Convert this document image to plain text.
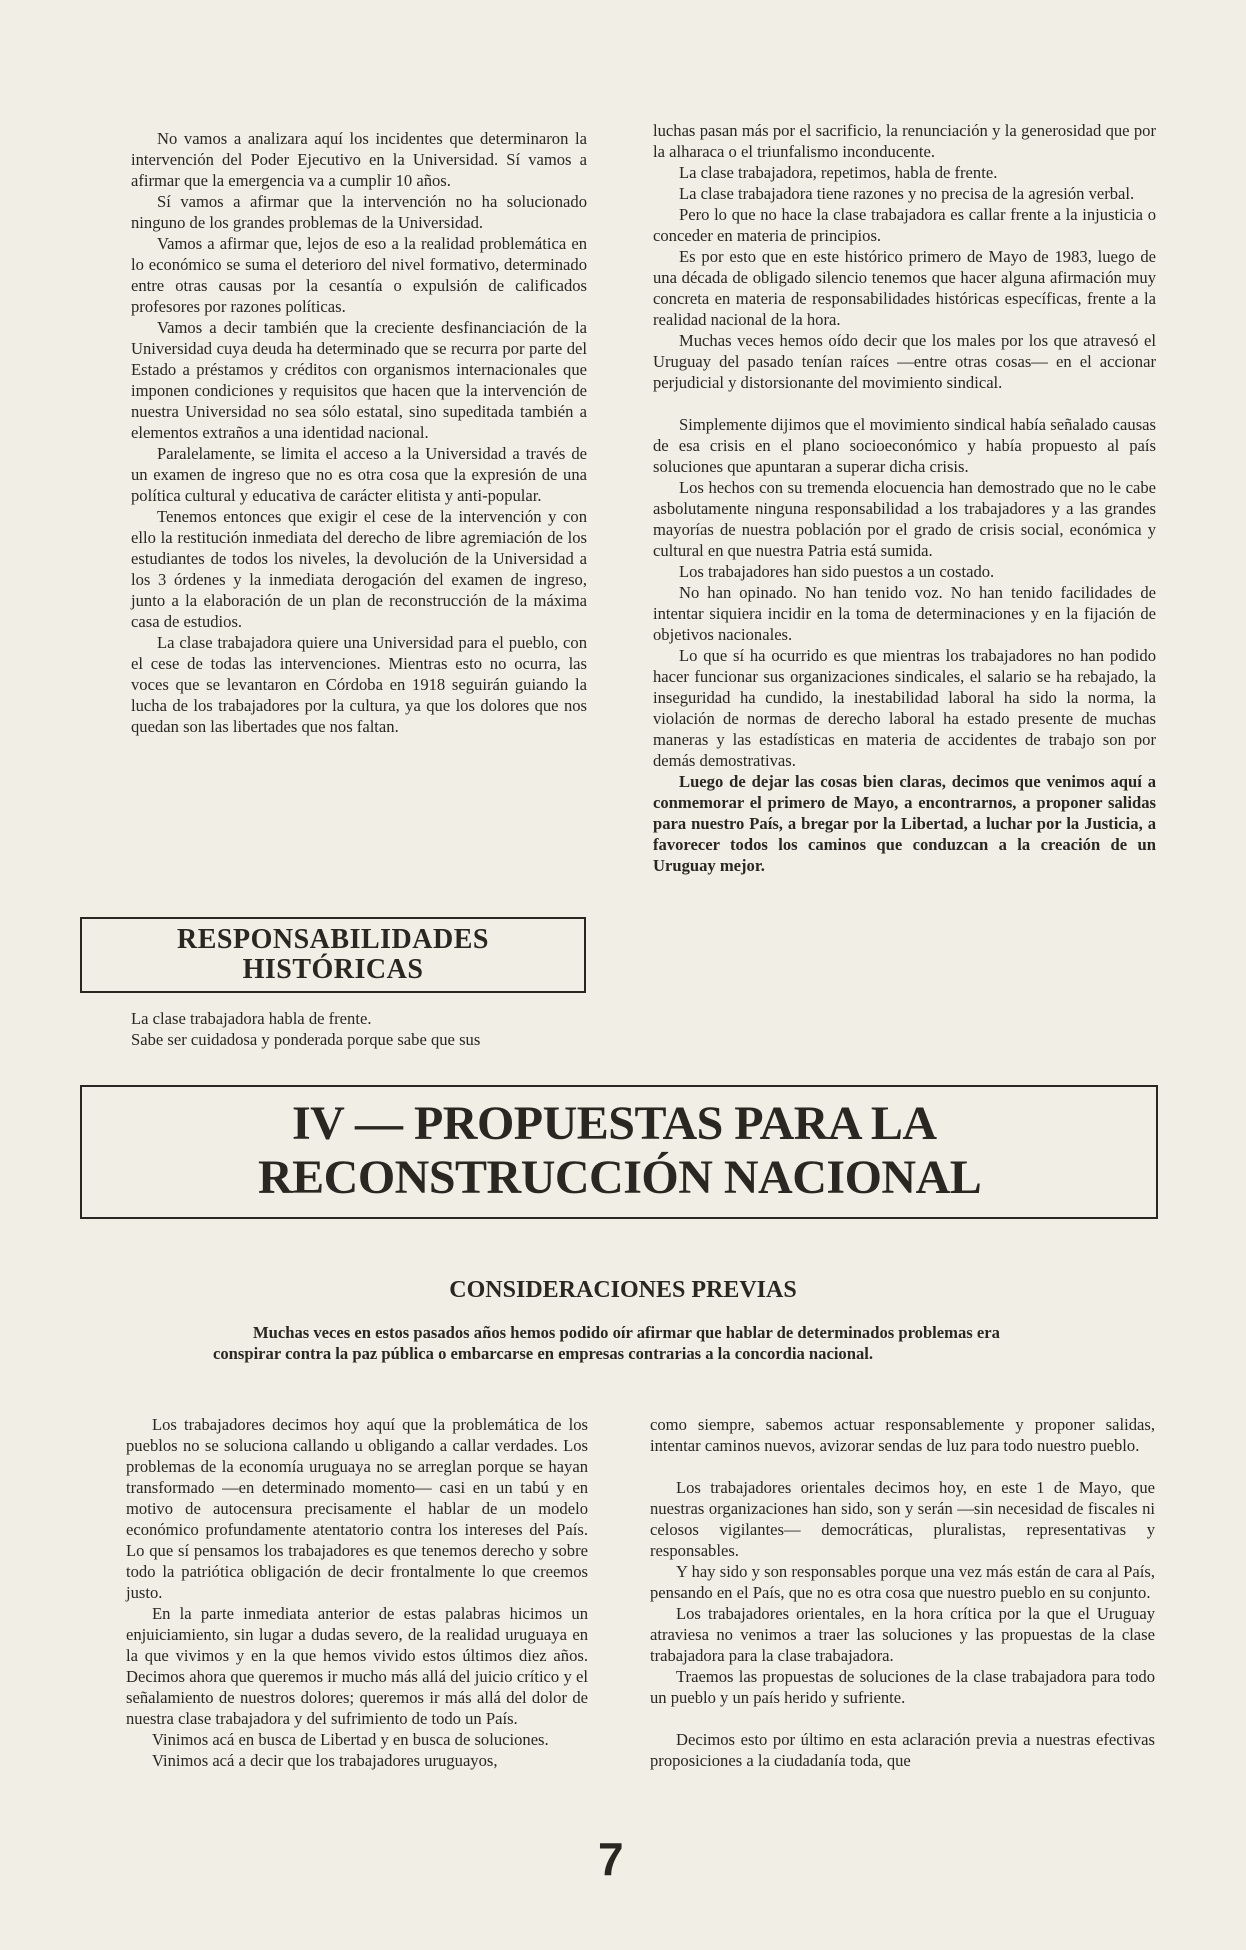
No vamos a analizara aquí los incidentes que determinaron la intervención del Poder Ejecutivo en la Universidad. Sí vamos a afirmar que la emergencia va a cumplir 10 años.

Sí vamos a afirmar que la intervención no ha solucionado ninguno de los grandes problemas de la Universidad.

Vamos a afirmar que, lejos de eso a la realidad problemática en lo económico se suma el deterioro del nivel formativo, determinado entre otras causas por la cesantía o expulsión de calificados profesores por razones políticas.

Vamos a decir también que la creciente desfinanciación de la Universidad cuya deuda ha determinado que se recurra por parte del Estado a préstamos y créditos con organismos internacionales que imponen condiciones y requisitos que hacen que la intervención de nuestra Universidad no sea sólo estatal, sino supeditada también a elementos extraños a una identidad nacional.

Paralelamente, se limita el acceso a la Universidad a través de un examen de ingreso que no es otra cosa que la expresión de una política cultural y educativa de carácter elitista y anti-popular.

Tenemos entonces que exigir el cese de la intervención y con ello la restitución inmediata del derecho de libre agremiación de los estudiantes de todos los niveles, la devolución de la Universidad a los 3 órdenes y la inmediata derogación del examen de ingreso, junto a la elaboración de un plan de reconstrucción de la máxima casa de estudios.

La clase trabajadora quiere una Universidad para el pueblo, con el cese de todas las intervenciones. Mientras esto no ocurra, las voces que se levantaron en Córdoba en 1918 seguirán guiando la lucha de los trabajadores por la cultura, ya que los dolores que nos quedan son las libertades que nos faltan.

RESPONSABILIDADES
HISTÓRICAS

La clase trabajadora habla de frente.

Sabe ser cuidadosa y ponderada porque sabe que sus

luchas pasan más por el sacrificio, la renunciación y la generosidad que por la alharaca o el triunfalismo inconducente.

La clase trabajadora, repetimos, habla de frente.

La clase trabajadora tiene razones y no precisa de la agresión verbal.

Pero lo que no hace la clase trabajadora es callar frente a la injusticia o conceder en materia de principios.

Es por esto que en este histórico primero de Mayo de 1983, luego de una década de obligado silencio tenemos que hacer alguna afirmación muy concreta en materia de responsabilidades históricas específicas, frente a la realidad nacional de la hora.

Muchas veces hemos oído decir que los males por los que atravesó el Uruguay del pasado tenían raíces —entre otras cosas— en el accionar perjudicial y distorsionante del movimiento sindical.

Simplemente dijimos que el movimiento sindical había señalado causas de esa crisis en el plano socioeconómico y había propuesto al país soluciones que apuntaran a superar dicha crisis.

Los hechos con su tremenda elocuencia han demostrado que no le cabe asbolutamente ninguna responsabilidad a los trabajadores y a las grandes mayorías de nuestra población por el grado de crisis social, económica y cultural en que nuestra Patria está sumida.

Los trabajadores han sido puestos a un costado.

No han opinado. No han tenido voz. No han tenido facilidades de intentar siquiera incidir en la toma de determinaciones y en la fijación de objetivos nacionales.

Lo que sí ha ocurrido es que mientras los trabajadores no han podido hacer funcionar sus organizaciones sindicales, el salario se ha rebajado, la inseguridad ha cundido, la inestabilidad laboral ha sido la norma, la violación de normas de derecho laboral ha estado presente de muchas maneras y las estadísticas en materia de accidentes de trabajo son por demás demostrativas.

Luego de dejar las cosas bien claras, decimos que venimos aquí a conmemorar el primero de Mayo, a encontrarnos, a proponer salidas para nuestro País, a bregar por la Libertad, a luchar por la Justicia, a favorecer todos los caminos que conduzcan a la creación de un Uruguay mejor.

IV — PROPUESTAS PARA LA
RECONSTRUCCIÓN NACIONAL
CONSIDERACIONES PREVIAS

Muchas veces en estos pasados años hemos podido oír afirmar que hablar de determinados problemas era conspirar contra la paz pública o embarcarse en empresas contrarias a la concordia nacional.

Los trabajadores decimos hoy aquí que la problemática de los pueblos no se soluciona callando u obligando a callar verdades. Los problemas de la economía uruguaya no se arreglan porque se hayan transformado —en determinado momento— casi en un tabú y en motivo de autocensura precisamente el hablar de un modelo económico profundamente atentatorio contra los intereses del País. Lo que sí pensamos los trabajadores es que tenemos derecho y sobre todo la patriótica obligación de decir frontalmente lo que creemos justo.

En la parte inmediata anterior de estas palabras hicimos un enjuiciamiento, sin lugar a dudas severo, de la realidad uruguaya en la que vivimos y en la que hemos vivido estos últimos diez años. Decimos ahora que queremos ir mucho más allá del juicio crítico y el señalamiento de nuestros dolores; queremos ir más allá del dolor de nuestra clase trabajadora y del sufrimiento de todo un País.

Vinimos acá en busca de Libertad y en busca de soluciones.

Vinimos acá a decir que los trabajadores uruguayos,

como siempre, sabemos actuar responsablemente y proponer salidas, intentar caminos nuevos, avizorar sendas de luz para todo nuestro pueblo.

Los trabajadores orientales decimos hoy, en este 1 de Mayo, que nuestras organizaciones han sido, son y serán —sin necesidad de fiscales ni celosos vigilantes— democráticas, pluralistas, representativas y responsables.

Y hay sido y son responsables porque una vez más están de cara al País, pensando en el País, que no es otra cosa que nuestro pueblo en su conjunto.

Los trabajadores orientales, en la hora crítica por la que el Uruguay atraviesa no venimos a traer las soluciones y las propuestas de la clase trabajadora para la clase trabajadora.

Traemos las propuestas de soluciones de la clase trabajadora para todo un pueblo y un país herido y sufriente.

Decimos esto por último en esta aclaración previa a nuestras efectivas proposiciones a la ciudadanía toda, que

7
